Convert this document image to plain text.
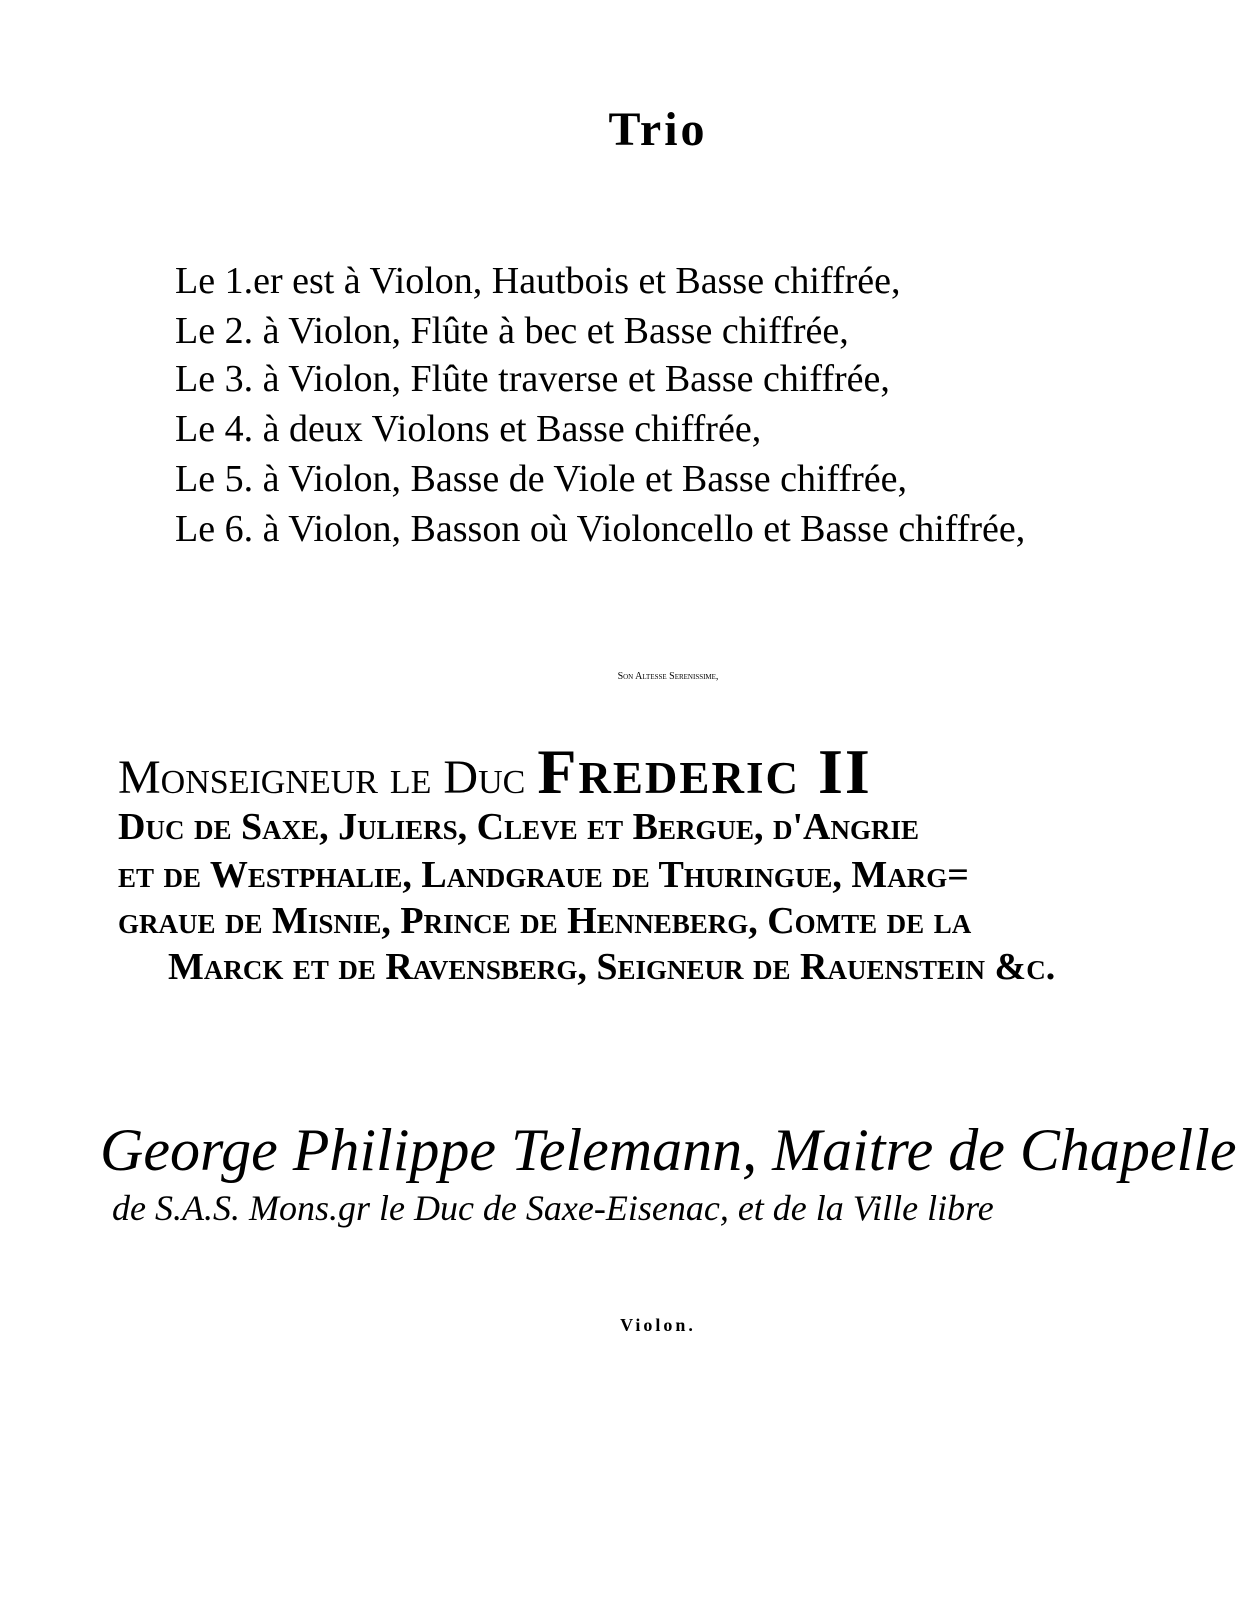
Trio
Le 1.er est à Violon, Hautbois et Basse chiffrée,
Le 2. à Violon, Flûte à bec et Basse chiffrée,
Le 3. à Violon, Flûte traverse et Basse chiffrée,
Le 4. à deux Violons et Basse chiffrée,
Le 5. à Violon, Basse de Viole et Basse chiffrée,
Le 6. à Violon, Basson où Violoncello et Basse chiffrée,
Son Altesse Serenissime,
Monseigneur le Duc Frederic II
Duc de Saxe, Juliers, Cleve et Bergue, d'Angrie
et de Westphalie, Landgraue de Thuringue, Marg=
graue de Misnie, Prince de Henneberg, Comte de la
Marck et de Ravensberg, Seigneur de Rauenstein &c.
George Philippe Telemann, Maitre de Chapelle
de S.A.S. Mons.gr le Duc de Saxe-Eisenac, et de la Ville libre
Violon.
